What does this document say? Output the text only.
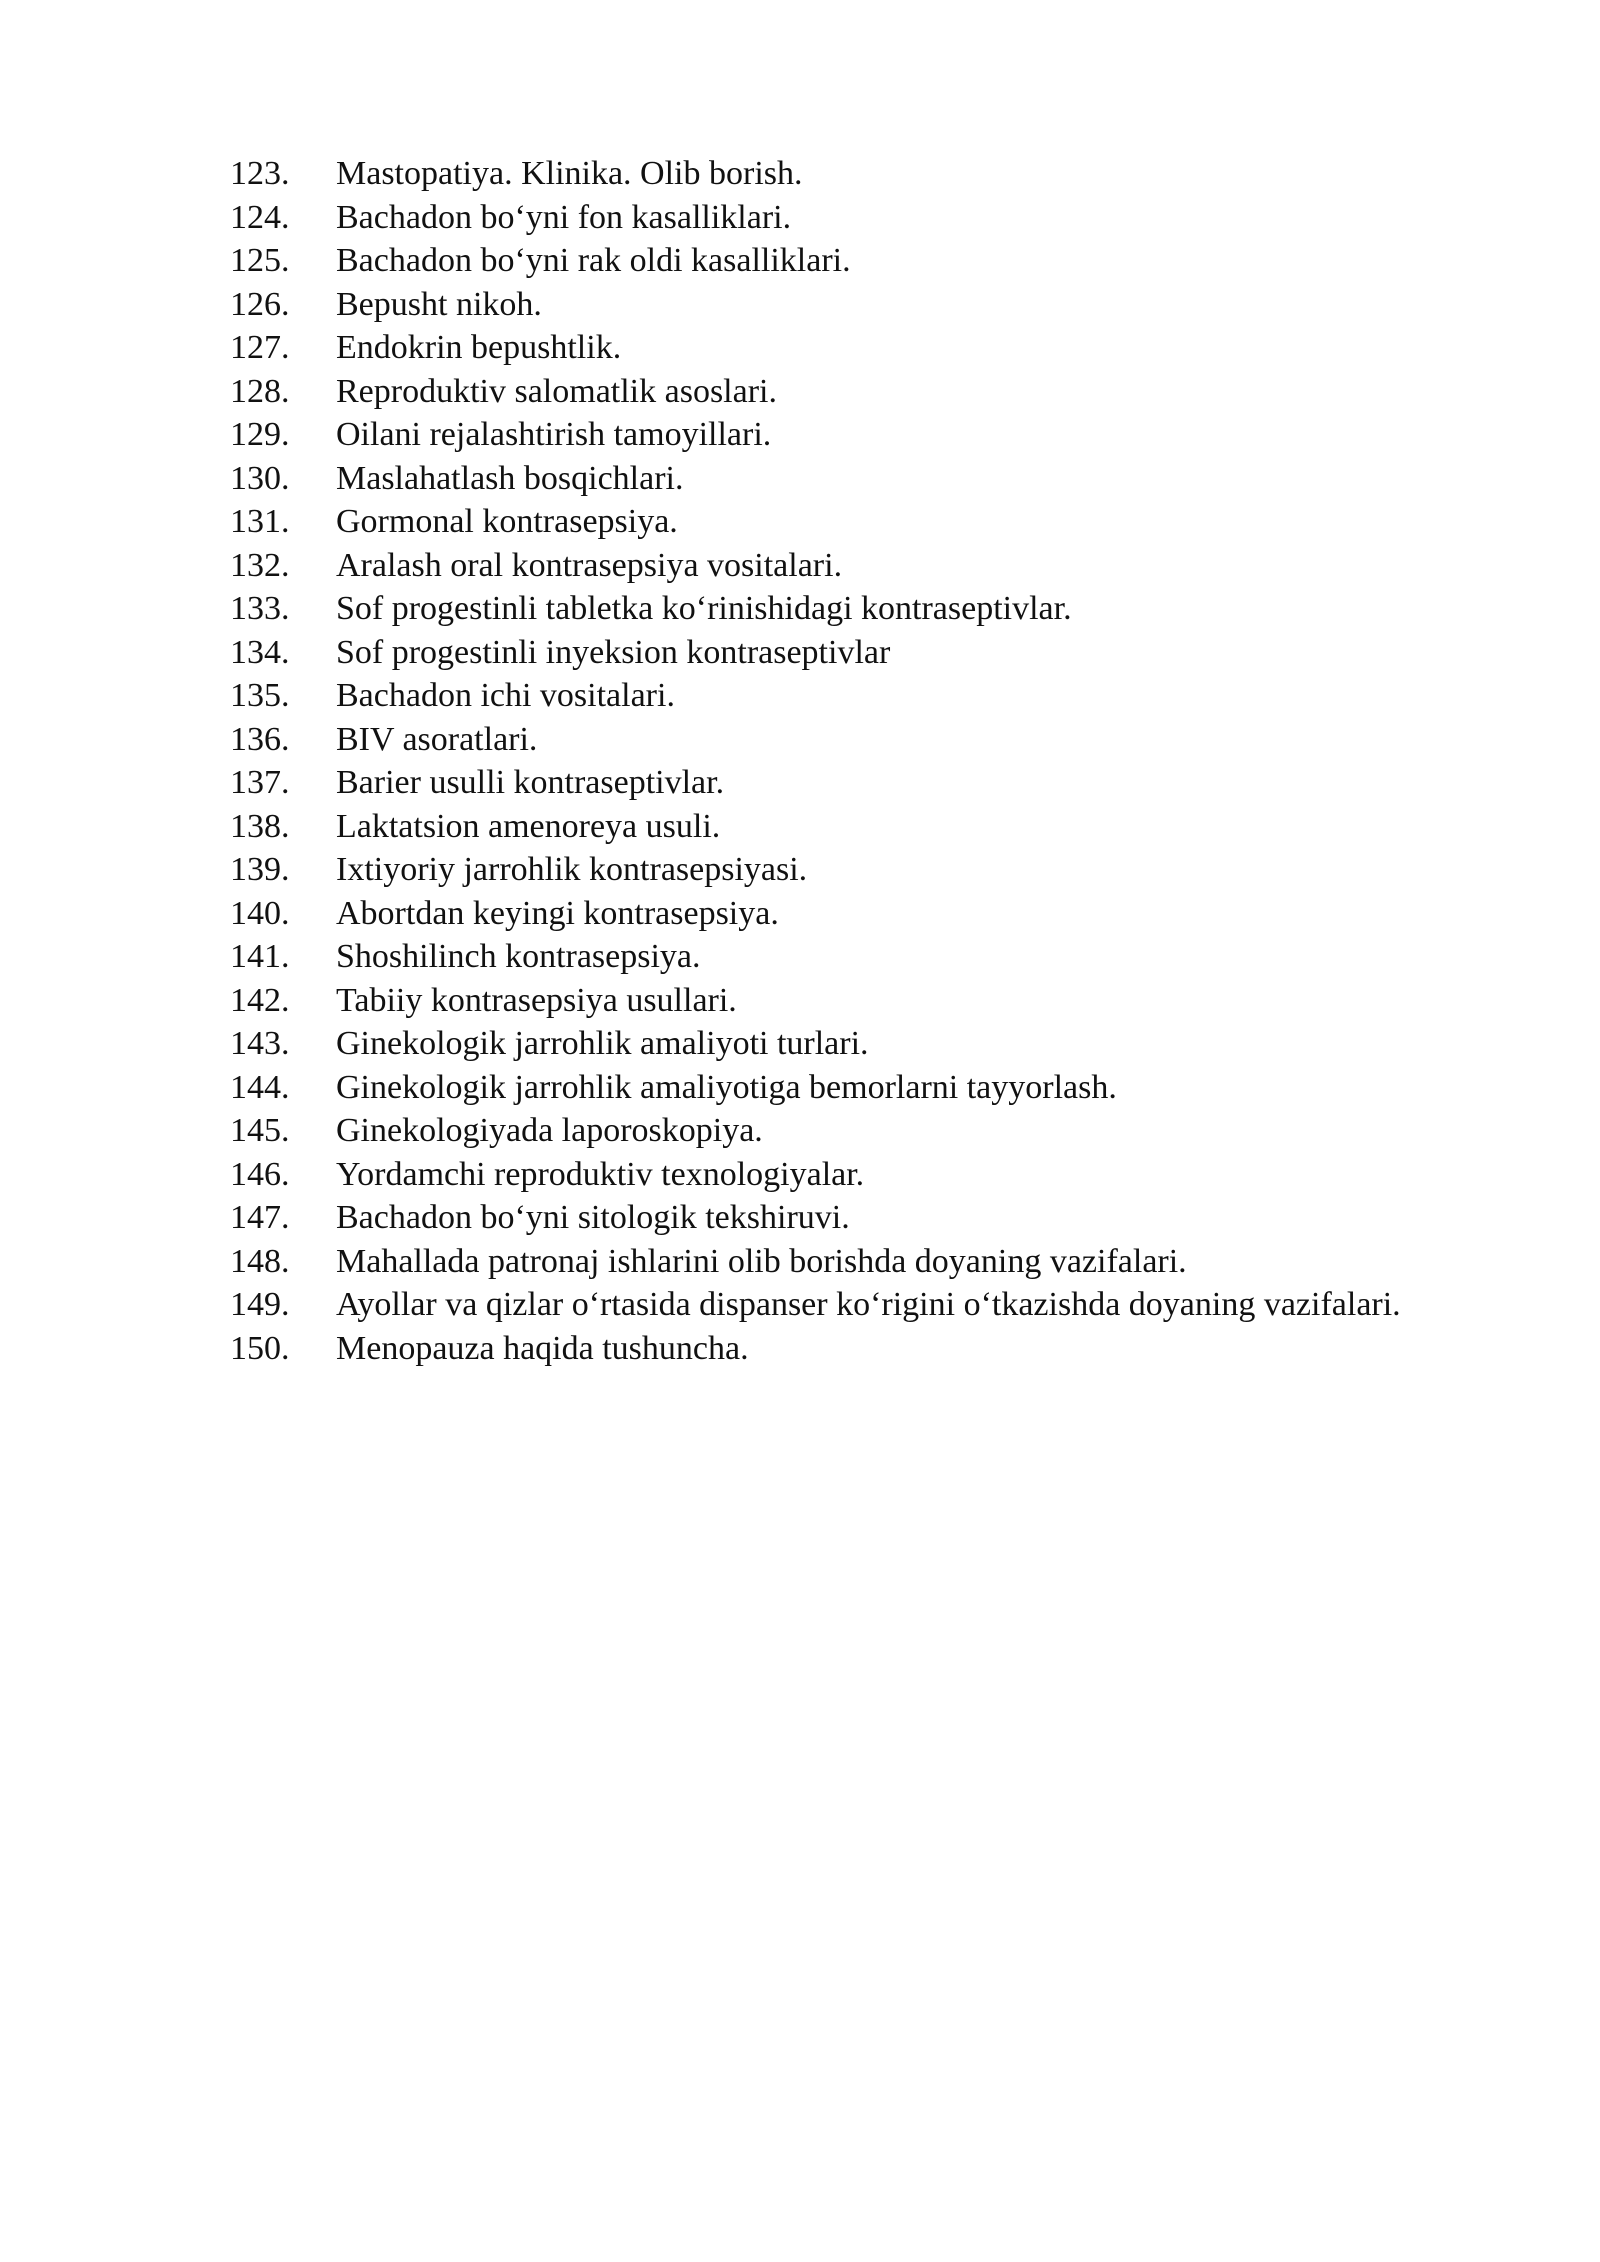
123.	Mastopatiya. Klinika. Olib borish.
124.	Bachadon bo‘yni fon kasalliklari.
125.	Bachadon bo‘yni rak oldi kasalliklari.
126.	Bepusht nikoh.
127.	Endokrin bepushtlik.
128.	Reproduktiv salomatlik asoslari.
129.	Oilani rejalashtirish tamoyillari.
130.	Maslahatlash bosqichlari.
131.	Gormonal kontrasepsiya.
132.	Aralash oral kontrasepsiya vositalari.
133.	Sof progestinli tabletka ko‘rinishidagi kontraseptivlar.
134.	Sof progestinli inyeksion kontraseptivlar
135.	Bachadon ichi vositalari.
136.	BIV asoratlari.
137.	Barier usulli kontraseptivlar.
138.	Laktatsion amenoreya usuli.
139.	Ixtiyoriy jarrohlik kontrasepsiyasi.
140.	Abortdan keyingi kontrasepsiya.
141.	Shoshilinch kontrasepsiya.
142.	Tabiiy kontrasepsiya usullari.
143.	Ginekologik jarrohlik amaliyoti turlari.
144.	Ginekologik jarrohlik amaliyotiga bemorlarni tayyorlash.
145.	Ginekologiyada laporoskopiya.
146.	Yordamchi reproduktiv texnologiyalar.
147.	Bachadon bo‘yni sitologik tekshiruvi.
148.	Mahallada patronaj ishlarini olib borishda doyaning vazifalari.
149.	Ayollar va qizlar o‘rtasida dispanser ko‘rigini o‘tkazishda doyaning vazifalari.
150.	Menopauza haqida tushuncha.
